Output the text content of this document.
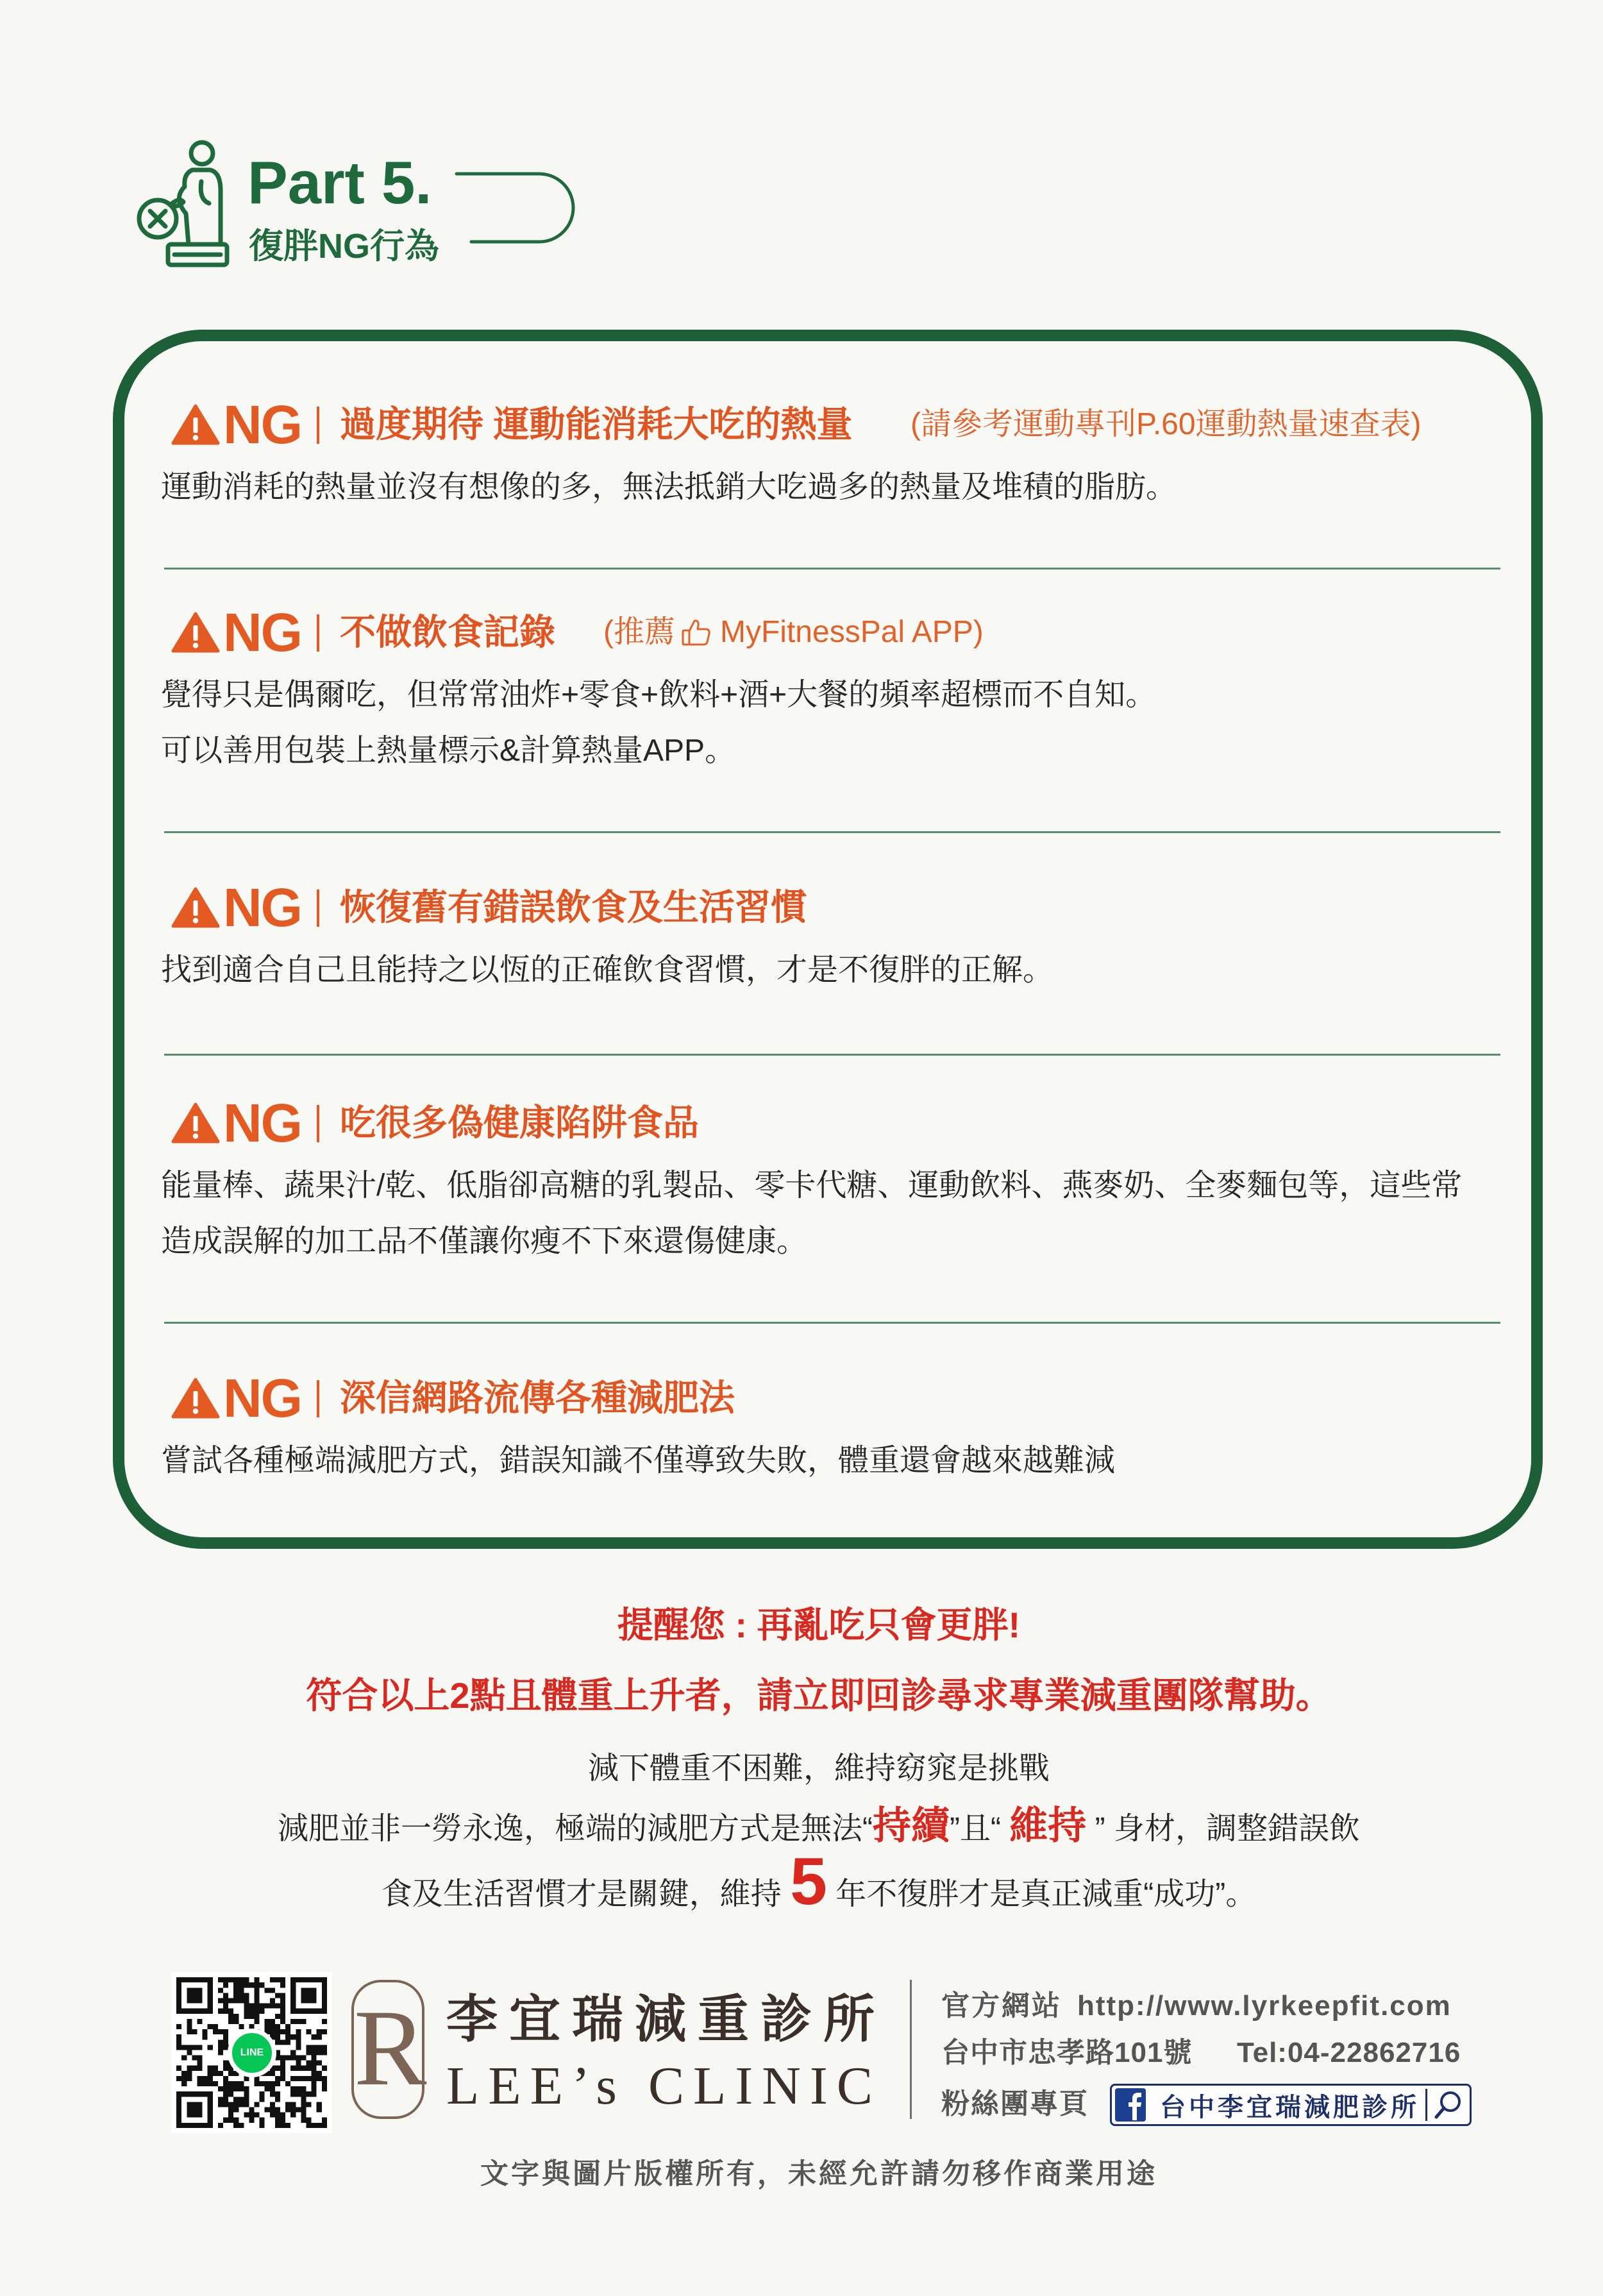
Part 5.
復胖NG行為
NG 過度期待 運動能消耗大吃的熱量 (請參考運動專刊P.60運動熱量速查表)

運動消耗的熱量並沒有想像的多，無法抵銷大吃過多的熱量及堆積的脂肪。

NG 不做飲食記錄 (推薦 MyFitnessPal APP)

覺得只是偶爾吃，但常常油炸+零食+飲料+酒+大餐的頻率超標而不自知。

可以善用包裝上熱量標示&計算熱量APP。

NG 恢復舊有錯誤飲食及生活習慣

找到適合自己且能持之以恆的正確飲食習慣，才是不復胖的正解。

NG 吃很多偽健康陷阱食品

能量棒、蔬果汁/乾、低脂卻高糖的乳製品、零卡代糖、運動飲料、燕麥奶、全麥麵包等，這些常

造成誤解的加工品不僅讓你瘦不下來還傷健康。

NG 深信網路流傳各種減肥法

嘗試各種極端減肥方式，錯誤知識不僅導致失敗，體重還會越來越難減

提醒您 : 再亂吃只會更胖!
符合以上2點且體重上升者，請立即回診尋求專業減重團隊幫助。
減下體重不困難，維持窈窕是挑戰
減肥並非一勞永逸，極端的減肥方式是無法“持續”且“ 維持 ” 身材，調整錯誤飲
食及生活習慣才是關鍵，維持 5 年不復胖才是真正減重“成功”。
LINE R 李宜瑞減重診所
LEE’s CLINIC
官方網站 http://www.lyrkeepfit.com
台中市忠孝路101號 Tel:04-22862716
粉絲團專頁	台中李宜瑞減肥診所
文字與圖片版權所有，未經允許請勿移作商業用途
